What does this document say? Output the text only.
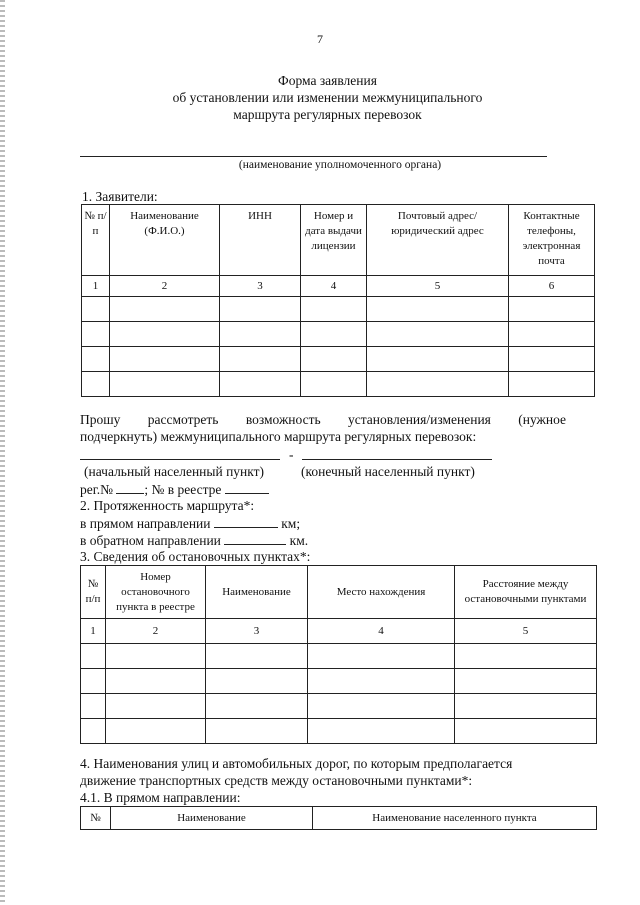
7
Форма заявления
об установлении или изменении межмуниципального
маршрута регулярных перевозок
(наименование уполномоченного органа)
1. Заявители:
№ п/п	Наименование (Ф.И.О.)	ИНН	Номер и дата выдачи лицензии	Почтовый адрес/ юридический адрес	Контактные телефоны, электронная почта
1	2	3	4	5	6

Прошу рассмотреть возможность установления/изменения (нужное
подчеркнуть) межмуниципального маршрута регулярных перевозок:
-
(начальный населенный пункт)	(конечный населенный пункт)
рег.№ ; № в реестре
2. Протяженность маршрута*:
в прямом направлении	км;
в обратном направлении	км.
3. Сведения об остановочных пунктах*:
№ п/п	Номер остановочного пункта в реестре	Наименование	Место нахождения	Расстояние между остановочными пунктами
1	2	3	4	5

4. Наименования улиц и автомобильных дорог, по которым предполагается
движение транспортных средств между остановочными пунктами*:
4.1. В прямом направлении:
№	Наименование	Наименование населенного пункта
